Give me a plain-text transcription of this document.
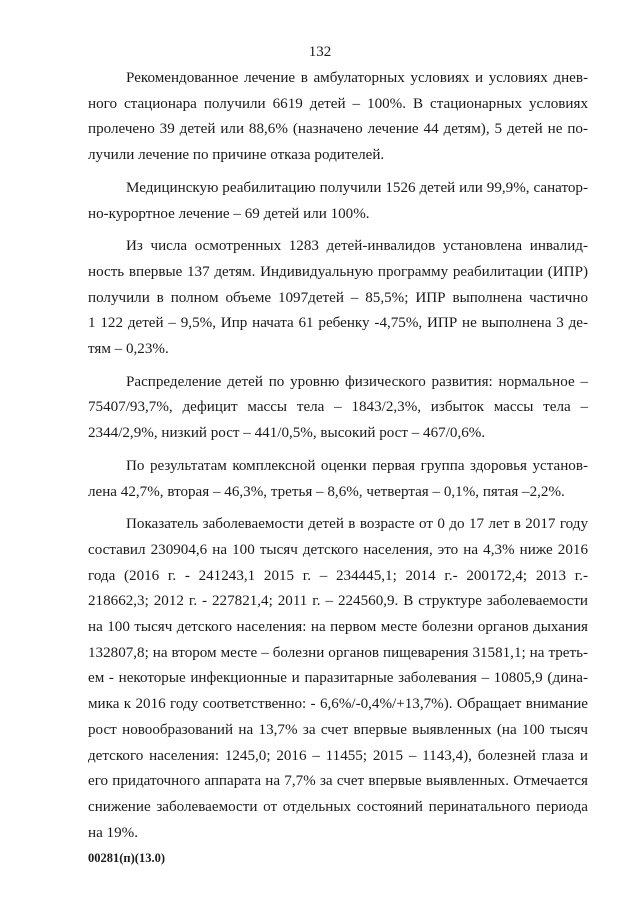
132

Рекомендованное лечение в амбулаторных условиях и условиях днев-
ного стационара получили 6619 детей – 100%. В стационарных условиях
пролечено 39 детей или 88,6% (назначено лечение 44 детям), 5 детей не по-
лучили лечение по причине отказа родителей.

Медицинскую реабилитацию получили 1526 детей или 99,9%, санатор-
но-курортное лечение – 69 детей или 100%.

Из числа осмотренных 1283 детей-инвалидов установлена инвалид-
ность впервые 137 детям. Индивидуальную программу реабилитации (ИПР)
получили в полном объеме 1097детей – 85,5%; ИПР выполнена частично
1 122 детей – 9,5%, Ипр начата 61 ребенку -4,75%, ИПР не выполнена 3 де-
тям – 0,23%.

Распределение детей по уровню физического развития: нормальное –
75407/93,7%, дефицит массы тела – 1843/2,3%, избыток массы тела –
2344/2,9%, низкий рост – 441/0,5%, высокий рост – 467/0,6%.

По результатам комплексной оценки первая группа здоровья установ-
лена 42,7%, вторая – 46,3%, третья – 8,6%, четвертая – 0,1%, пятая –2,2%.

Показатель заболеваемости детей в возрасте от 0 до 17 лет в 2017 году
составил 230904,6 на 100 тысяч детского населения, это на 4,3% ниже 2016
года (2016 г. - 241243,1 2015 г. – 234445,1; 2014 г.- 200172,4; 2013 г.-
218662,3; 2012 г. - 227821,4; 2011 г. – 224560,9. В структуре заболеваемости
на 100 тысяч детского населения: на первом месте болезни органов дыхания
132807,8; на втором месте – болезни органов пищеварения 31581,1; на треть-
ем - некоторые инфекционные и паразитарные заболевания – 10805,9 (дина-
мика к 2016 году соответственно: - 6,6%/-0,4%/+13,7%). Обращает внимание
рост новообразований на 13,7% за счет впервые выявленных (на 100 тысяч
детского населения: 1245,0; 2016 – 11455; 2015 – 1143,4), болезней глаза и
его придаточного аппарата на 7,7% за счет впервые выявленных. Отмечается
снижение заболеваемости от отдельных состояний перинатального периода
на 19%.

00281(п)(13.0)
